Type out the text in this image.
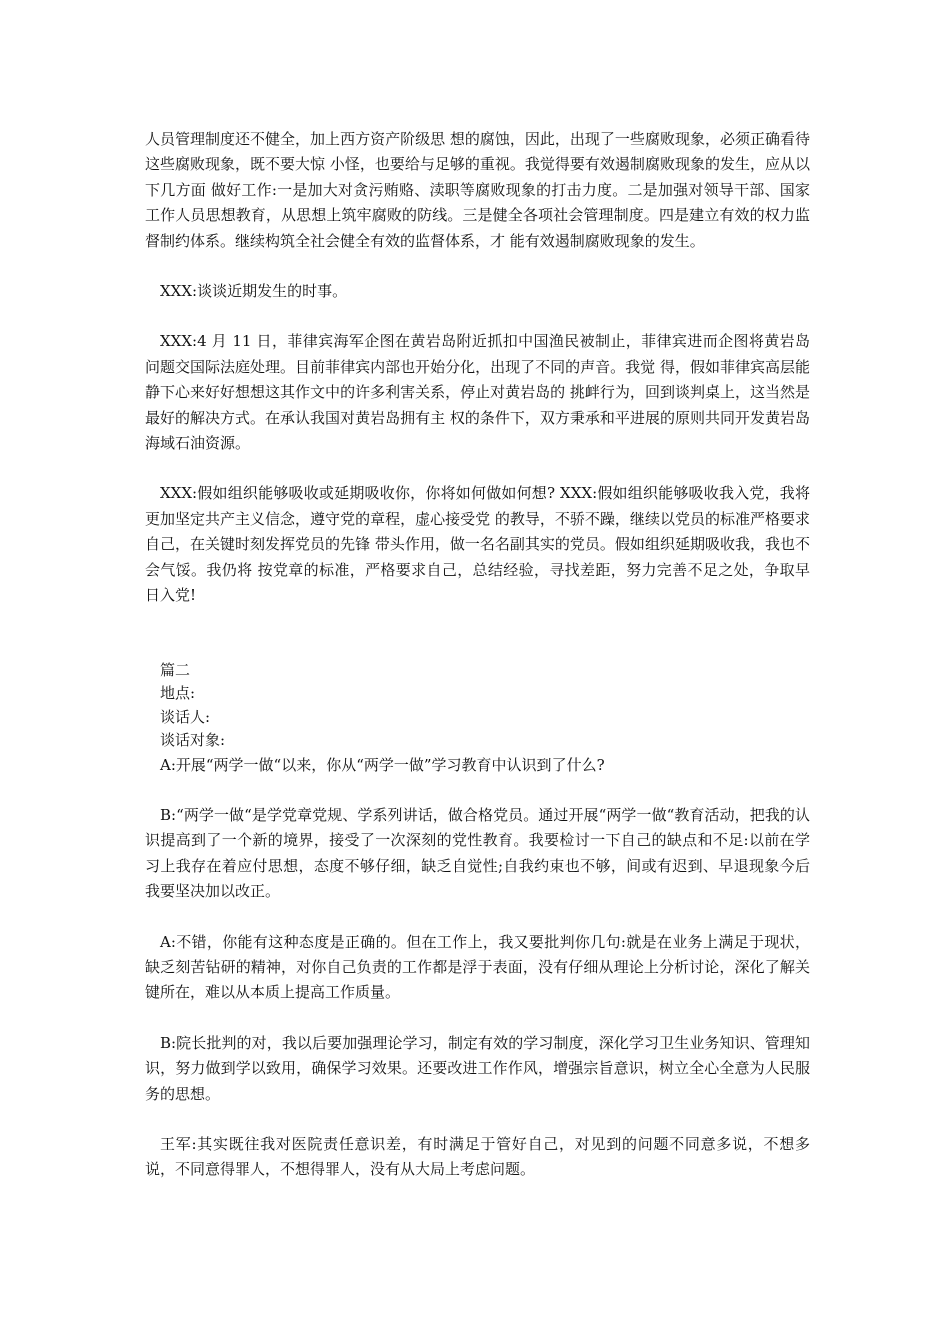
人员管理制度还不健全，加上西方资产阶级思 想的腐蚀，因此，出现了一些腐败现象，必须正确看待这些腐败现象，既不要大惊 小怪，也要给与足够的重视。我觉得要有效遏制腐败现象的发生，应从以下几方面 做好工作:一是加大对贪污贿赂、渎职等腐败现象的打击力度。二是加强对领导干部、国家工作人员思想教育，从思想上筑牢腐败的防线。三是健全各项社会管理制度。四是建立有效的权力监督制约体系。继续构筑全社会健全有效的监督体系，才 能有效遏制腐败现象的发生。

XXX:谈谈近期发生的时事。

XXX:4 月 11 日，菲律宾海军企图在黄岩岛附近抓扣中国渔民被制止，菲律宾进而企图将黄岩岛问题交国际法庭处理。目前菲律宾内部也开始分化，出现了不同的声音。我觉 得，假如菲律宾高层能静下心来好好想想这其作文中的许多利害关系，停止对黄岩岛的 挑衅行为，回到谈判桌上，这当然是最好的解决方式。在承认我国对黄岩岛拥有主 权的条件下，双方秉承和平进展的原则共同开发黄岩岛海域石油资源。

XXX:假如组织能够吸收或延期吸收你，你将如何做如何想? XXX:假如组织能够吸收我入党，我将更加坚定共产主义信念，遵守党的章程，虚心接受党 的教导，不骄不躁，继续以党员的标准严格要求自己，在关键时刻发挥党员的先锋 带头作用，做一名名副其实的党员。假如组织延期吸收我，我也不会气馁。我仍将 按党章的标准，严格要求自己，总结经验，寻找差距，努力完善不足之处，争取早 日入党!

篇二

地点:

谈话人:

谈话对象:

A:开展“两学一做“以来，你从“两学一做”学习教育中认识到了什么?

B:“两学一做“是学党章党规、学系列讲话，做合格党员。通过开展“两学一做“教育活动，把我的认识提高到了一个新的境界，接受了一次深刻的党性教育。我要检讨一下自己的缺点和不足:以前在学习上我存在着应付思想，态度不够仔细，缺乏自觉性;自我约束也不够，间或有迟到、早退现象今后我要坚决加以改正。

A:不错，你能有这种态度是正确的。但在工作上，我又要批判你几句:就是在业务上满足于现状，缺乏刻苦钻研的精神，对你自己负责的工作都是浮于表面，没有仔细从理论上分析讨论，深化了解关键所在，难以从本质上提高工作质量。

B:院长批判的对，我以后要加强理论学习，制定有效的学习制度，深化学习卫生业务知识、管理知识，努力做到学以致用，确保学习效果。还要改进工作作风，增强宗旨意识，树立全心全意为人民服务的思想。

王军:其实既往我对医院责任意识差，有时满足于管好自己，对见到的问题不同意多说，不想多说，不同意得罪人，不想得罪人，没有从大局上考虑问题。
